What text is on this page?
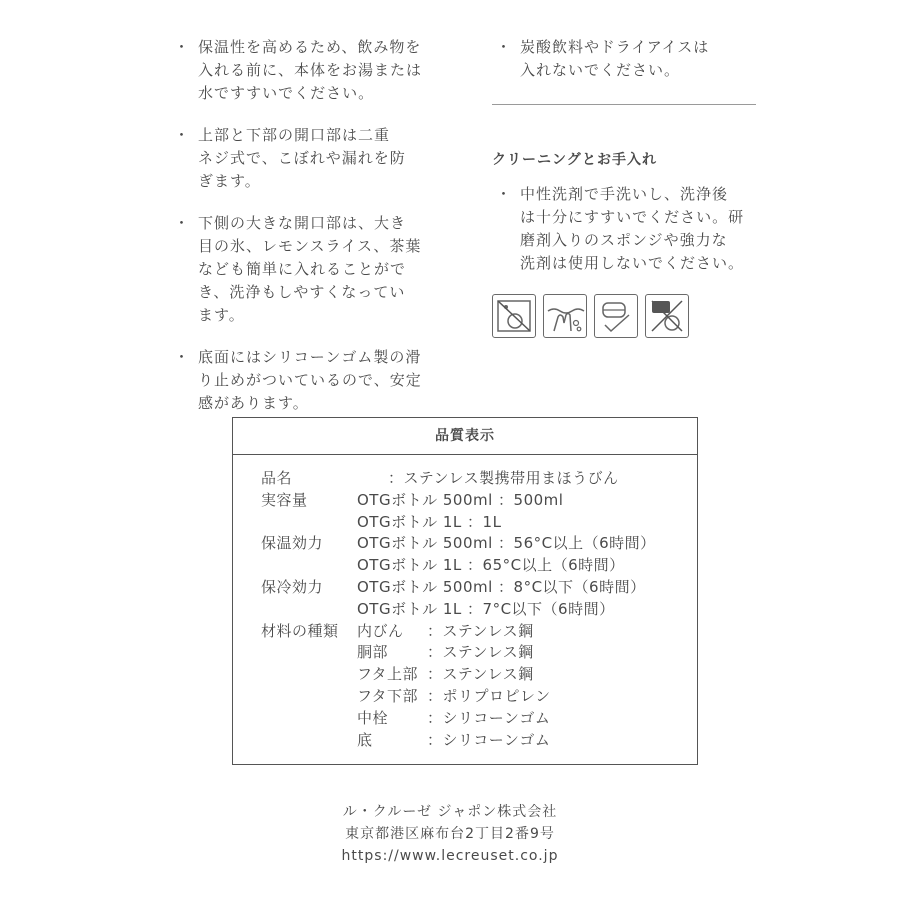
・ 保温性を高めるため、飲み物を
入れる前に、本体をお湯または
水ですすいでください。
・ 上部と下部の開口部は二重
ネジ式で、こぼれや漏れを防
ぎます。
・ 下側の大きな開口部は、大き
目の氷、レモンスライス、茶葉
なども簡単に入れることがで
き、洗浄もしやすくなってい
ます。
・ 底面にはシリコーンゴム製の滑
り止めがついているので、安定
感があります。
・ 炭酸飲料やドライアイスは
入れないでください。
クリーニングとお手入れ
・ 中性洗剤で手洗いし、洗浄後
は十分にすすいでください。研
磨剤入りのスポンジや強力な
洗剤は使用しないでください。
品質表示
品名	　　：ステンレス製携帯用まほうびん
実容量	OTGボトル 500ml ：500ml
OTGボトル 1L ：1L
保温効力	OTGボトル 500ml ：56°C以上（6時間）
OTGボトル 1L ：65°C以上（6時間）
保冷効力	OTGボトル 500ml ：8°C以下（6時間）
OTGボトル 1L ：7°C以下（6時間）
材料の種類	内びん	：ステンレス鋼
胴部	：ステンレス鋼
フタ上部 ：ステンレス鋼
フタ下部 ：ポリプロピレン
中栓	：シリコーンゴム
底	：シリコーンゴム
ル・クルーゼ ジャポン株式会社
東京都港区麻布台2丁目2番9号
https://www.lecreuset.co.jp
